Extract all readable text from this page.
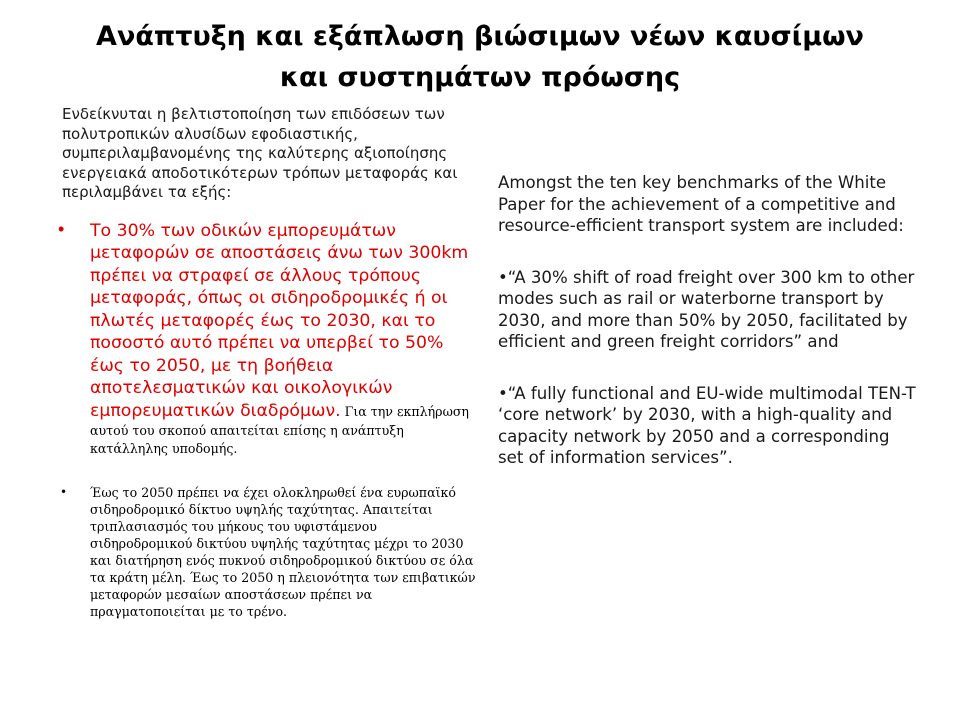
Ανάπτυξη και εξάπλωση βιώσιμων νέων καυσίμων
και συστημάτων πρόωσης

Ενδείκνυται η βελτιστοποίηση των επιδόσεων των πολυτροπικών αλυσίδων εφοδιαστικής, συμπεριλαμβανομένης της καλύτερης αξιοποίησης ενεργειακά αποδοτικότερων τρόπων μεταφοράς και περιλαμβάνει τα εξής:

• Το 30% των οδικών εμπορευμάτων μεταφορών σε αποστάσεις άνω των 300km πρέπει να στραφεί σε άλλους τρόπους μεταφοράς, όπως οι σιδηροδρομικές ή οι πλωτές μεταφορές έως το 2030, και το ποσοστό αυτό πρέπει να υπερβεί το 50% έως το 2050, με τη βοήθεια αποτελεσματικών και οικολογικών εμπορευματικών διαδρόμων. Για την εκπλήρωση αυτού του σκοπού απαιτείται επίσης η ανάπτυξη κατάλληλης υποδομής.
• Έως το 2050 πρέπει να έχει ολοκληρωθεί ένα ευρωπαϊκό σιδηροδρομικό δίκτυο υψηλής ταχύτητας. Απαιτείται τριπλασιασμός του μήκους του υφιστάμενου σιδηροδρομικού δικτύου υψηλής ταχύτητας μέχρι το 2030 και διατήρηση ενός πυκνού σιδηροδρομικού δικτύου σε όλα τα κράτη μέλη. Έως το 2050 η πλειονότητα των επιβατικών μεταφορών μεσαίων αποστάσεων πρέπει να πραγματοποιείται με το τρένο.

Amongst the ten key benchmarks of the White Paper for the achievement of a competitive and resource-efficient transport system are included:

•“A 30% shift of road freight over 300 km to other modes such as rail or waterborne transport by 2030, and more than 50% by 2050, facilitated by efficient and green freight corridors” and

•“A fully functional and EU-wide multimodal TEN-T ‘core network’ by 2030, with a high-quality and capacity network by 2050 and a corresponding set of information services”.
